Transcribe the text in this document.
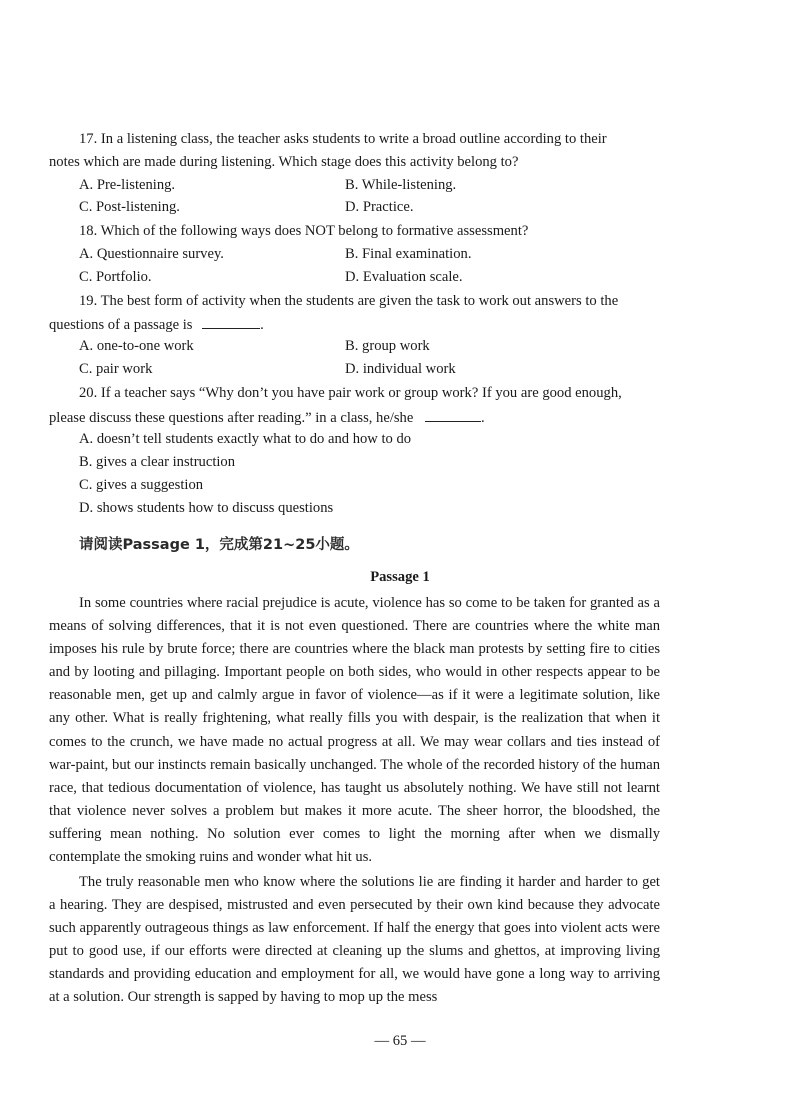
17. In a listening class, the teacher asks students to write a broad outline according to their
notes which are made during listening. Which stage does this activity belong to?
A. Pre-listening.	B. While-listening.
C. Post-listening.	D. Practice.
18. Which of the following ways does NOT belong to formative assessment?
A. Questionnaire survey.	B. Final examination.
C. Portfolio.	D. Evaluation scale.
19. The best form of activity when the students are given the task to work out answers to the
questions of a passage is	.
A. one-to-one work	B. group work
C. pair work	D. individual work
20. If a teacher says “Why don’t you have pair work or group work? If you are good enough,
please discuss these questions after reading.” in a class, he/she	.
A. doesn’t tell students exactly what to do and how to do
B. gives a clear instruction
C. gives a suggestion
D. shows students how to discuss questions
请阅读Passage 1，完成第21~25小题。
Passage 1
In some countries where racial prejudice is acute, violence has so come to be taken for granted as a means of solving differences, that it is not even questioned. There are countries where the white man imposes his rule by brute force; there are countries where the black man protests by setting fire to cities and by looting and pillaging. Important people on both sides, who would in other respects appear to be reasonable men, get up and calmly argue in favor of violence—as if it were a legitimate solution, like any other. What is really frightening, what really fills you with despair, is the realization that when it comes to the crunch, we have made no actual progress at all. We may wear collars and ties instead of war-paint, but our instincts remain basically unchanged. The whole of the recorded history of the human race, that tedious documentation of violence, has taught us absolutely nothing. We have still not learnt that violence never solves a problem but makes it more acute. The sheer horror, the bloodshed, the suffering mean nothing. No solution ever comes to light the morning after when we dismally contemplate the smoking ruins and wonder what hit us.
The truly reasonable men who know where the solutions lie are finding it harder and harder to get a hearing. They are despised, mistrusted and even persecuted by their own kind because they advocate such apparently outrageous things as law enforcement. If half the energy that goes into violent acts were put to good use, if our efforts were directed at cleaning up the slums and ghettos, at improving living standards and providing education and employment for all, we would have gone a long way to arriving at a solution. Our strength is sapped by having to mop up the mess
— 65 —
